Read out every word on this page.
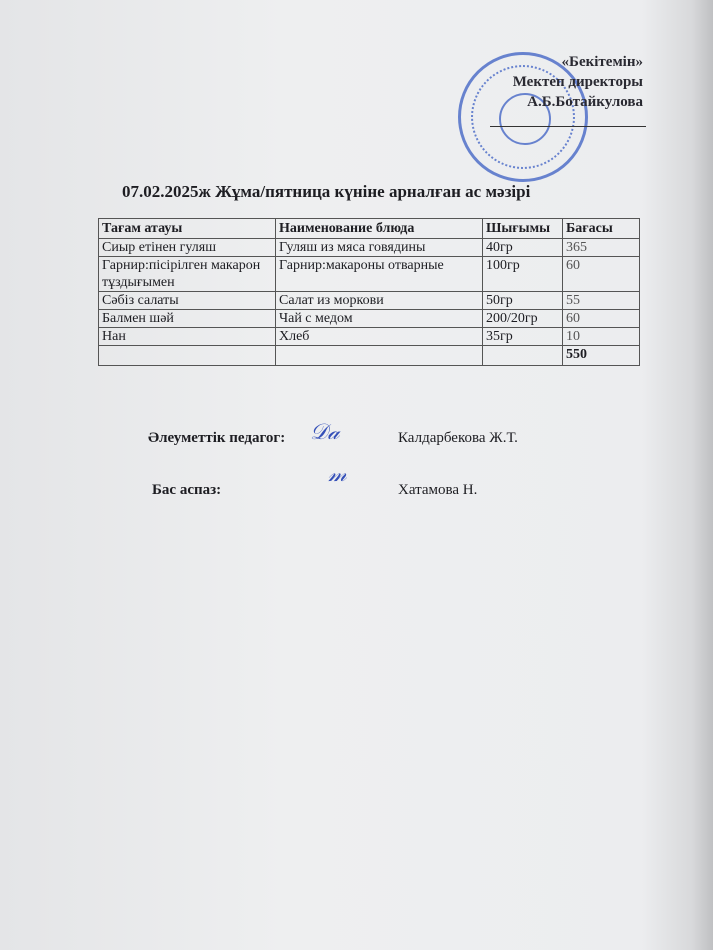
«Бекітемін»
Мектеп директоры
А.Б.Ботайкулова
07.02.2025ж Жұма/пятница күніне арналған ас мәзірі
Тағам атауы	Наименование блюда	Шығымы	Бағасы
Сиыр етінен гуляш	Гуляш из мяса говядины	40гр	365
Гарнир:пісірілген макарон тұздығымен	Гарнир:макароны отварные	100гр	60
Сәбіз салаты	Салат из моркови	50гр	55
Балмен шәй	Чай с медом	200/20гр	60
Нан	Хлеб	35гр	10
			550
Әлеуметтік педагог: 𝒟𝒶	Калдарбекова Ж.Т.
Бас аспаз:
𝓂
Хатамова Н.
